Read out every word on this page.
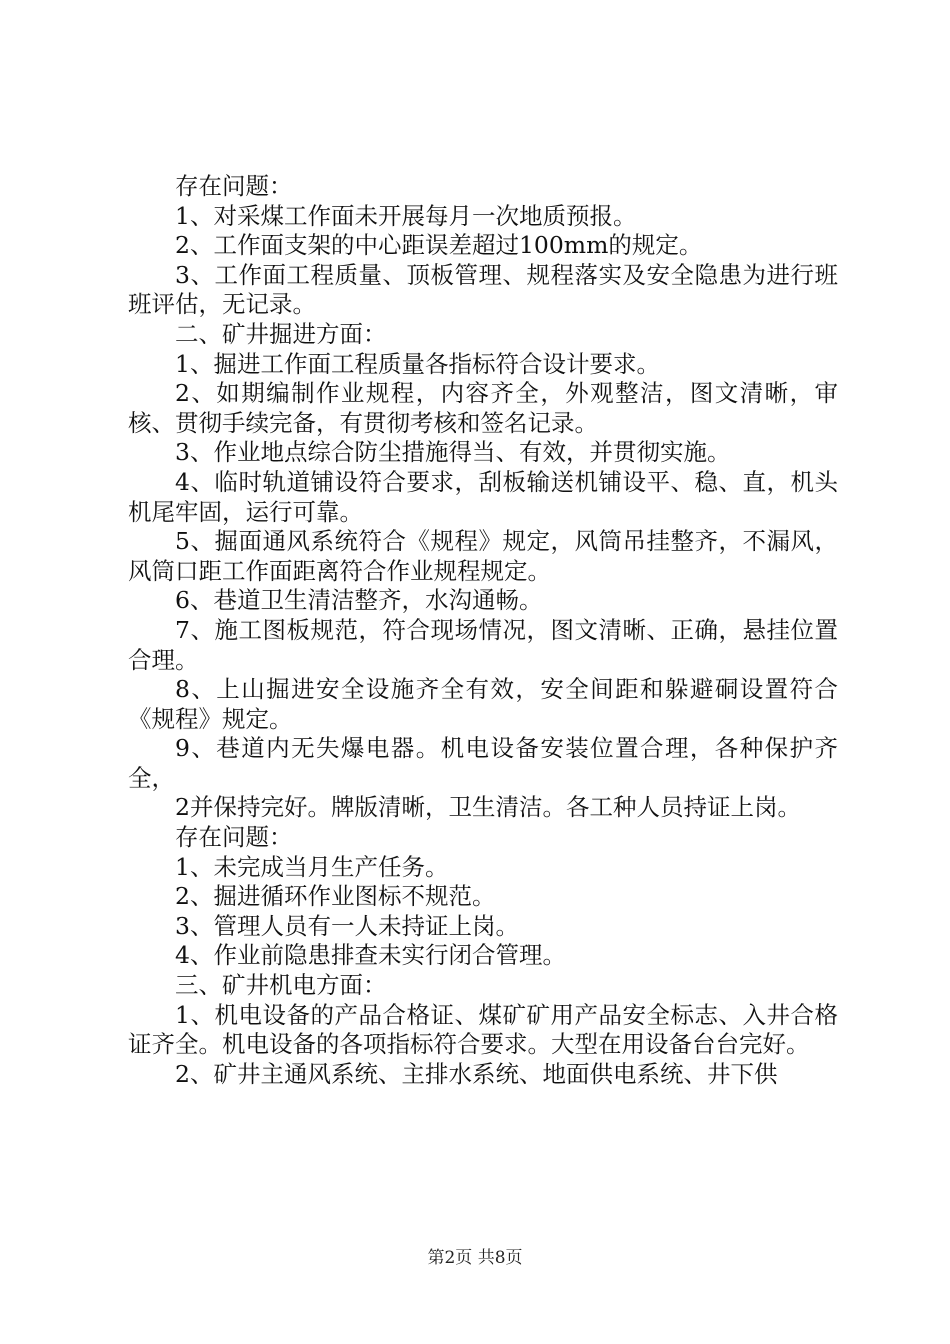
存在问题：

1、对采煤工作面未开展每月一次地质预报。

2、工作面支架的中心距误差超过100mm的规定。

3、工作面工程质量、顶板管理、规程落实及安全隐患为进行班班评估，无记录。

二、矿井掘进方面：

1、掘进工作面工程质量各指标符合设计要求。

2、如期编制作业规程，内容齐全，外观整洁，图文清晰，审核、贯彻手续完备，有贯彻考核和签名记录。

3、作业地点综合防尘措施得当、有效，并贯彻实施。

4、临时轨道铺设符合要求，刮板输送机铺设平、稳、直，机头机尾牢固，运行可靠。

5、掘面通风系统符合《规程》规定，风筒吊挂整齐，不漏风，风筒口距工作面距离符合作业规程规定。

6、巷道卫生清洁整齐，水沟通畅。

7、施工图板规范，符合现场情况，图文清晰、正确，悬挂位置合理。

8、上山掘进安全设施齐全有效，安全间距和躲避硐设置符合《规程》规定。

9、巷道内无失爆电器。机电设备安装位置合理，各种保护齐全，

2并保持完好。牌版清晰，卫生清洁。各工种人员持证上岗。

存在问题：

1、未完成当月生产任务。

2、掘进循环作业图标不规范。

3、管理人员有一人未持证上岗。

4、作业前隐患排查未实行闭合管理。

三、矿井机电方面：

1、机电设备的产品合格证、煤矿矿用产品安全标志、入井合格证齐全。机电设备的各项指标符合要求。大型在用设备台台完好。

2、矿井主通风系统、主排水系统、地面供电系统、井下供

第2页 共8页
